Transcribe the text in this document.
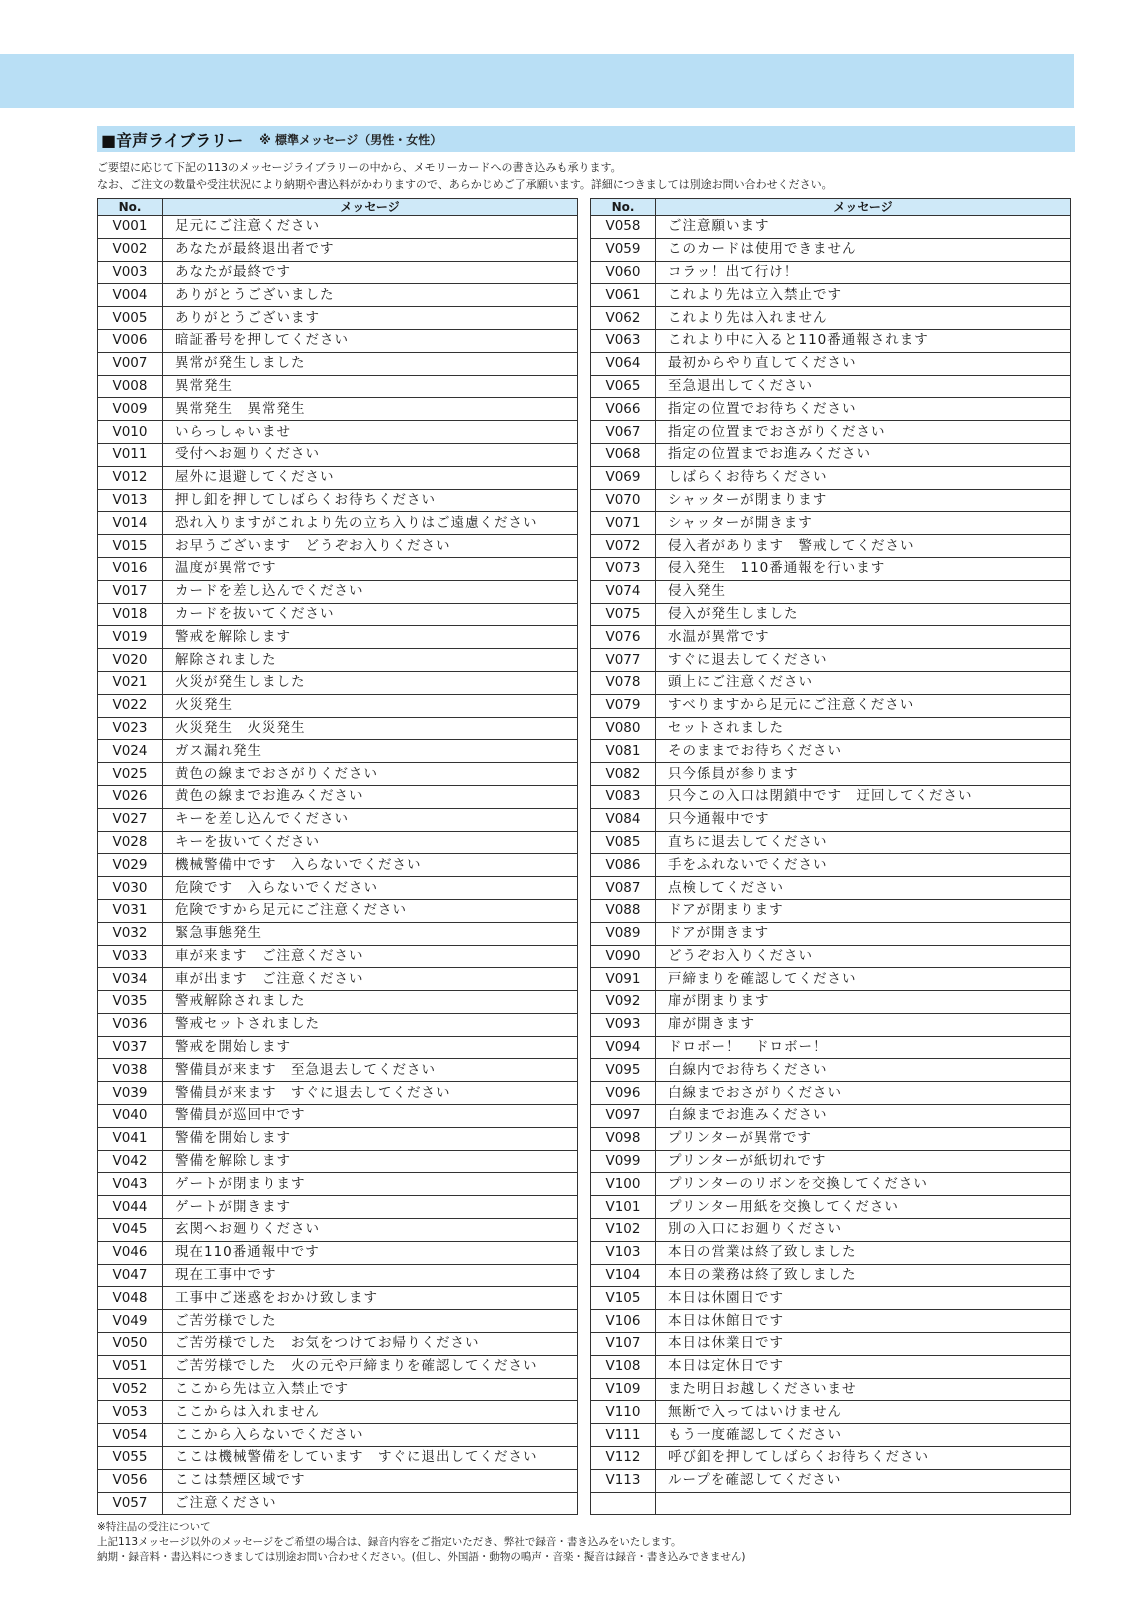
■音声ライブラリー ※ 標準メッセージ（男性・女性）

ご要望に応じて下記の113のメッセージライブラリーの中から、メモリーカードへの書き込みも承ります。

なお、ご注文の数量や受注状況により納期や書込料がかわりますので、あらかじめご了承願います。詳細につきましては別途お問い合わせください。

No.	メッセージ
V001	足元にご注意ください
V002	あなたが最終退出者です
V003	あなたが最終です
V004	ありがとうございました
V005	ありがとうございます
V006	暗証番号を押してください
V007	異常が発生しました
V008	異常発生
V009	異常発生　異常発生
V010	いらっしゃいませ
V011	受付へお廻りください
V012	屋外に退避してください
V013	押し釦を押してしばらくお待ちください
V014	恐れ入りますがこれより先の立ち入りはご遠慮ください
V015	お早うございます　どうぞお入りください
V016	温度が異常です
V017	カードを差し込んでください
V018	カードを抜いてください
V019	警戒を解除します
V020	解除されました
V021	火災が発生しました
V022	火災発生
V023	火災発生　火災発生
V024	ガス漏れ発生
V025	黄色の線までおさがりください
V026	黄色の線までお進みください
V027	キーを差し込んでください
V028	キーを抜いてください
V029	機械警備中です　入らないでください
V030	危険です　入らないでください
V031	危険ですから足元にご注意ください
V032	緊急事態発生
V033	車が来ます　ご注意ください
V034	車が出ます　ご注意ください
V035	警戒解除されました
V036	警戒セットされました
V037	警戒を開始します
V038	警備員が来ます　至急退去してください
V039	警備員が来ます　すぐに退去してください
V040	警備員が巡回中です
V041	警備を開始します
V042	警備を解除します
V043	ゲートが閉まります
V044	ゲートが開きます
V045	玄関へお廻りください
V046	現在110番通報中です
V047	現在工事中です
V048	工事中ご迷惑をおかけ致します
V049	ご苦労様でした
V050	ご苦労様でした　お気をつけてお帰りください
V051	ご苦労様でした　火の元や戸締まりを確認してください
V052	ここから先は立入禁止です
V053	ここからは入れません
V054	ここから入らないでください
V055	ここは機械警備をしています　すぐに退出してください
V056	ここは禁煙区域です
V057	ご注意ください
No.	メッセージ
V058	ご注意願います
V059	このカードは使用できません
V060	コラッ！出て行け！
V061	これより先は立入禁止です
V062	これより先は入れません
V063	これより中に入ると110番通報されます
V064	最初からやり直してください
V065	至急退出してください
V066	指定の位置でお待ちください
V067	指定の位置までおさがりください
V068	指定の位置までお進みください
V069	しばらくお待ちください
V070	シャッターが閉まります
V071	シャッターが開きます
V072	侵入者があります　警戒してください
V073	侵入発生　110番通報を行います
V074	侵入発生
V075	侵入が発生しました
V076	水温が異常です
V077	すぐに退去してください
V078	頭上にご注意ください
V079	すべりますから足元にご注意ください
V080	セットされました
V081	そのままでお待ちください
V082	只今係員が参ります
V083	只今この入口は閉鎖中です　迂回してください
V084	只今通報中です
V085	直ちに退去してください
V086	手をふれないでください
V087	点検してください
V088	ドアが閉まります
V089	ドアが開きます
V090	どうぞお入りください
V091	戸締まりを確認してください
V092	扉が閉まります
V093	扉が開きます
V094	ドロボー！　ドロボー！
V095	白線内でお待ちください
V096	白線までおさがりください
V097	白線までお進みください
V098	プリンターが異常です
V099	プリンターが紙切れです
V100	プリンターのリボンを交換してください
V101	プリンター用紙を交換してください
V102	別の入口にお廻りください
V103	本日の営業は終了致しました
V104	本日の業務は終了致しました
V105	本日は休園日です
V106	本日は休館日です
V107	本日は休業日です
V108	本日は定休日です
V109	また明日お越しくださいませ
V110	無断で入ってはいけません
V111	もう一度確認してください
V112	呼び釦を押してしばらくお待ちください
V113	ループを確認してください

※特注品の受注について

上記113メッセージ以外のメッセージをご希望の場合は、録音内容をご指定いただき、弊社で録音・書き込みをいたします。

納期・録音料・書込料につきましては別途お問い合わせください。(但し、外国語・動物の鳴声・音楽・擬音は録音・書き込みできません)
